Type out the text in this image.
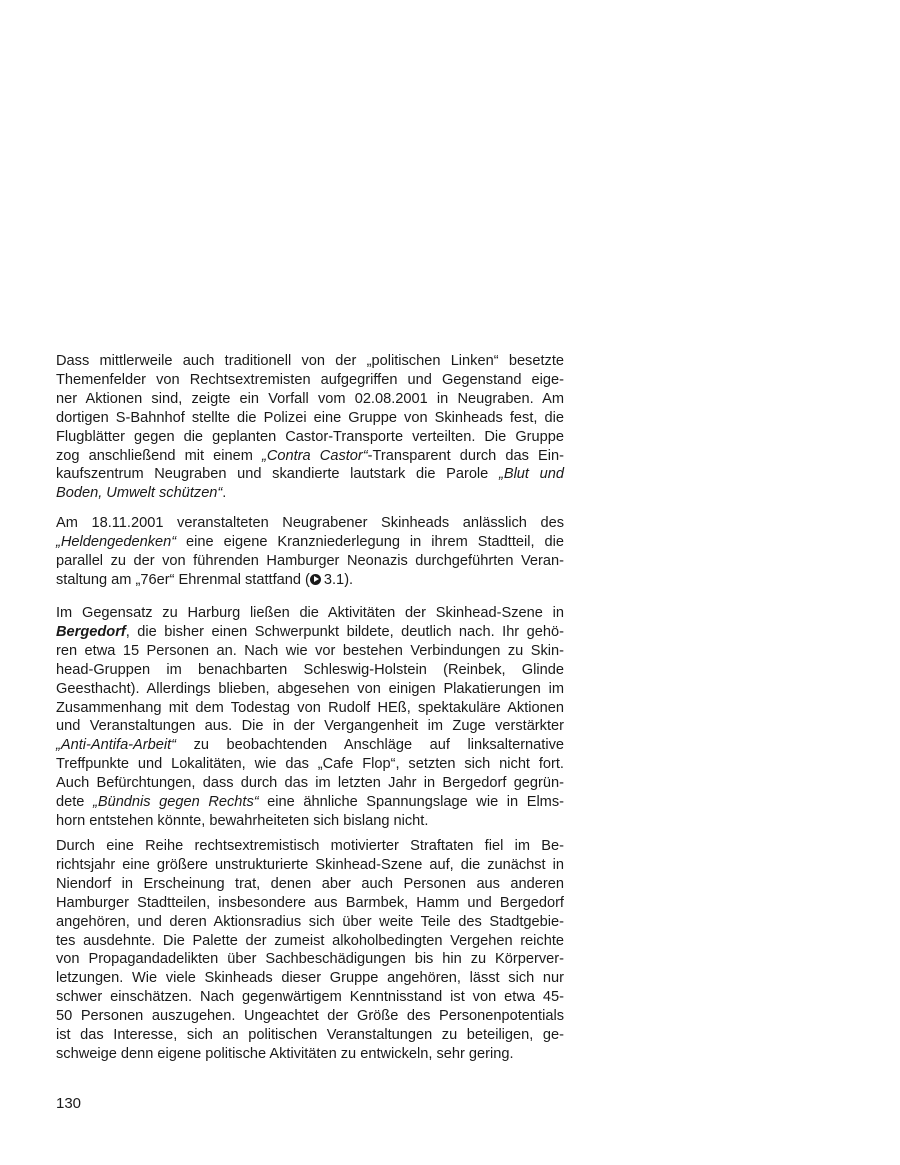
Dass mittlerweile auch traditionell von der „politischen Linken“ besetzte
Themenfelder von Rechtsextremisten aufgegriffen und Gegenstand eige-
ner Aktionen sind, zeigte ein Vorfall vom 02.08.2001 in Neugraben. Am
dortigen S-Bahnhof stellte die Polizei eine Gruppe von Skinheads fest, die
Flugblätter gegen die geplanten Castor-Transporte verteilten. Die Gruppe
zog anschließend mit einem „Contra Castor“-Transparent durch das Ein-
kaufszentrum Neugraben und skandierte lautstark die Parole „Blut und
Boden, Umwelt schützen“.
Am 18.11.2001 veranstalteten Neugrabener Skinheads anlässlich des
„Heldengedenken“ eine eigene Kranzniederlegung in ihrem Stadtteil, die
parallel zu der von führenden Hamburger Neonazis durchgeführten Veran-
staltung am „76er“ Ehrenmal stattfand ( 3.1).
Im Gegensatz zu Harburg ließen die Aktivitäten der Skinhead-Szene in
Bergedorf, die bisher einen Schwerpunkt bildete, deutlich nach. Ihr gehö-
ren etwa 15 Personen an. Nach wie vor bestehen Verbindungen zu Skin-
head-Gruppen im benachbarten Schleswig-Holstein (Reinbek, Glinde
Geesthacht). Allerdings blieben, abgesehen von einigen Plakatierungen im
Zusammenhang mit dem Todestag von Rudolf HEß, spektakuläre Aktionen
und Veranstaltungen aus. Die in der Vergangenheit im Zuge verstärkter
„Anti-Antifa-Arbeit“ zu beobachtenden Anschläge auf linksalternative
Treffpunkte und Lokalitäten, wie das „Cafe Flop“, setzten sich nicht fort.
Auch Befürchtungen, dass durch das im letzten Jahr in Bergedorf gegrün-
dete „Bündnis gegen Rechts“ eine ähnliche Spannungslage wie in Elms-
horn entstehen könnte, bewahrheiteten sich bislang nicht.
Durch eine Reihe rechtsextremistisch motivierter Straftaten fiel im Be-
richtsjahr eine größere unstrukturierte Skinhead-Szene auf, die zunächst in
Niendorf in Erscheinung trat, denen aber auch Personen aus anderen
Hamburger Stadtteilen, insbesondere aus Barmbek, Hamm und Bergedorf
angehören, und deren Aktionsradius sich über weite Teile des Stadtgebie-
tes ausdehnte. Die Palette der zumeist alkoholbedingten Vergehen reichte
von Propagandadelikten über Sachbeschädigungen bis hin zu Körperver-
letzungen. Wie viele Skinheads dieser Gruppe angehören, lässt sich nur
schwer einschätzen. Nach gegenwärtigem Kenntnisstand ist von etwa 45-
50 Personen auszugehen. Ungeachtet der Größe des Personenpotentials
ist das Interesse, sich an politischen Veranstaltungen zu beteiligen, ge-
schweige denn eigene politische Aktivitäten zu entwickeln, sehr gering.
130
